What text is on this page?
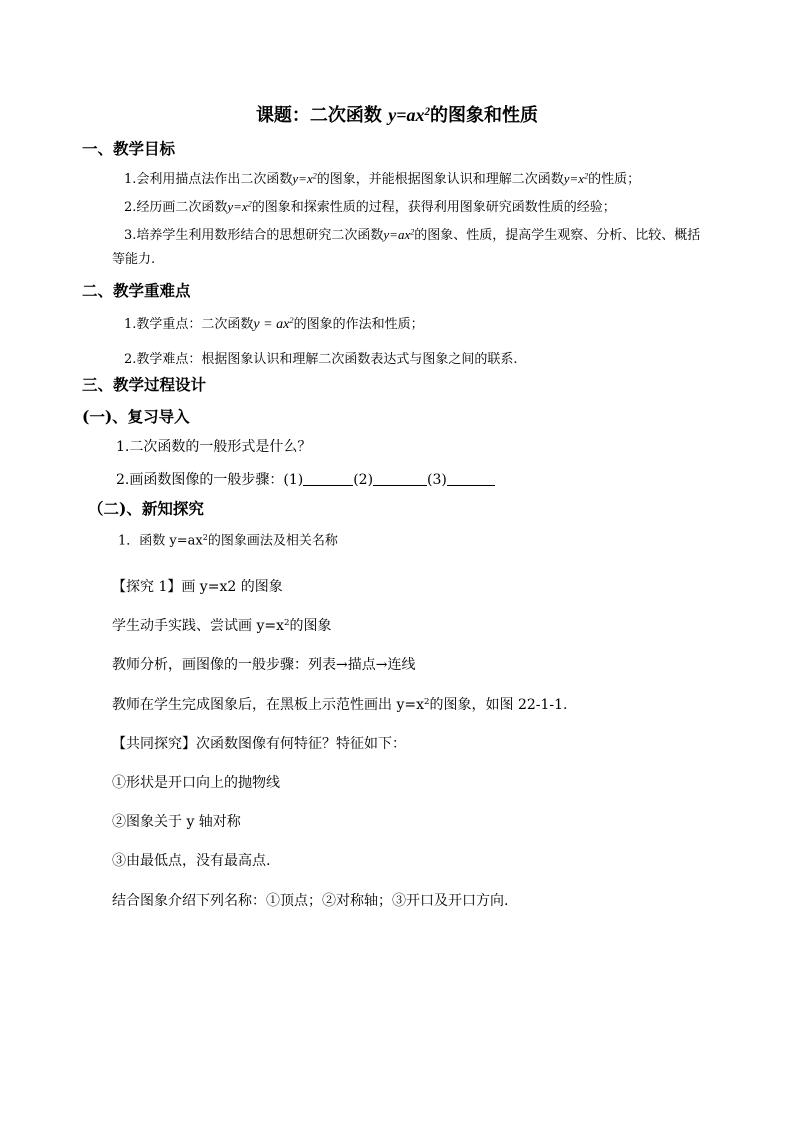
课题：二次函数 $y=ax^2$的图象和性质
一、教学目标
1.会利用描点法作出二次函数$y=x^2$的图象，并能根据图象认识和理解二次函数$y=x^2$的性质；
2.经历画二次函数$y=x^2$的图象和探索性质的过程，获得利用图象研究函数性质的经验；
3.培养学生利用数形结合的思想研究二次函数$y=ax^2$的图象、性质，提高学生观察、分析、比较、概括
等能力.
二、教学重难点
1.教学重点：二次函数$y = ax^2$的图象的作法和性质；
2.教学难点：根据图象认识和理解二次函数表达式与图象之间的联系.
三、教学过程设计
(一)、复习导入
1.二次函数的一般形式是什么？
2.画函数图像的一般步骤：(1)	(2)	(3)
（二)、新知探究
1．函数 $y=ax^2$的图象画法及相关名称
【探究 1】画 y=x2 的图象
学生动手实践、尝试画 $y=x^2$的图象
教师分析，画图像的一般步骤：列表→描点→连线
教师在学生完成图象后，在黑板上示范性画出 $y=x^2$的图象，如图 22-1-1.
【共同探究】次函数图像有何特征？特征如下：
①形状是开口向上的抛物线
②图象关于 y 轴对称
③由最低点，没有最高点.
结合图象介绍下列名称：①顶点；②对称轴；③开口及开口方向.
